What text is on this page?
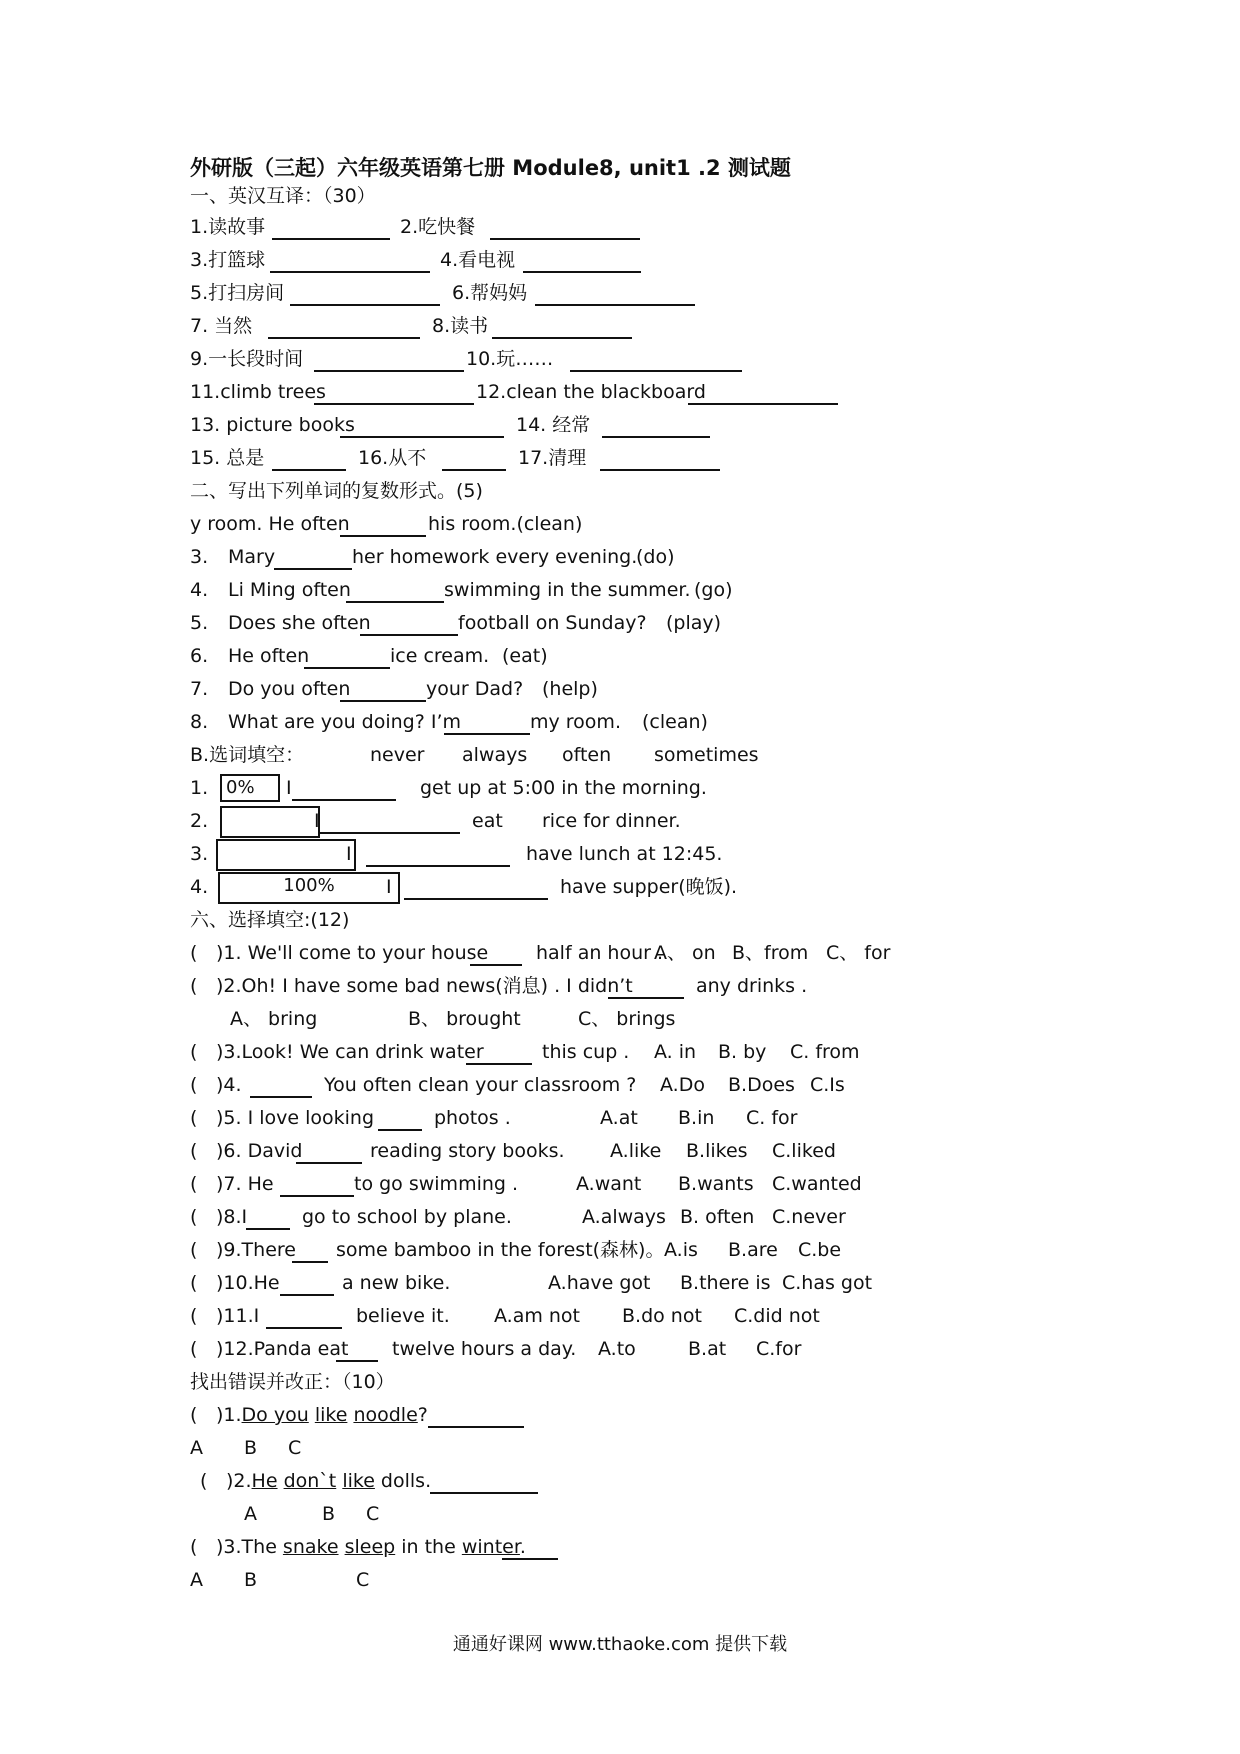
外研版（三起）六年级英语第七册 Module8, unit1 .2 测试题
一、英汉互译：（30）
1.读故事	2.吃快餐
3.打篮球	4.看电视
5.打扫房间	6.帮妈妈
7. 当然	8.读书
9.一长段时间	10.玩……
11.climb trees	12.clean the blackboard
13. picture books	14. 经常
15. 总是	16.从不	17.清理
二、写出下列单词的复数形式。(5)
y room. He often	his room.(clean)
3. Mary	her homework every evening.
(do)
4. Li Ming often	swimming in the summer. (go)
5. Does she often	football on Sunday? (play)
6. He often	ice cream. (eat)
7. Do you often	your Dad? (help)
8. What are you doing? I’m	my room. (clean)
B.选词填空：	never always often sometimes
1. 0%	I	get up at 5:00 in the morning.
2.	I	eat rice for dinner.
3.	I	have lunch at 12:45.
4.	100%	I	have supper(晚饭).
六、选择填空:(12)
( )1. We'll come to your house	half an hour .
A、 on B、from C、 for
( )2.Oh! I have some bad news(消息) . I didn’t	any drinks .
A、 bring	B、 brought	C、 brings
( )3.Look! We can drink water	this cup . A. in B. by C. from
( )4.	You often clean your classroom ? A.Do B.Does C.Is
( )5. I love looking	photos .	A.at B.in C. for
( )6. David	reading story books. A.like B.likes C.liked
( )7. He	to go swimming .	A.want B.wants C.wanted
( )8.I	go to school by plane.	A.always B. often C.never
( )9.There some bamboo in the forest(森林)。 A.is B.are C.be
( )10.He	a new bike.	A.have got B.there is C.has got
( )11.I	believe it. A.am not B.do not C.did not
( )12.Panda eat twelve hours a day. A.to	B.at C.for
找出错误并改正：（10）
( )1.Do you like noodle?
A B C
( )2.He don`t like dolls.
A	B C
( )3.The snake sleep in the winter.
A B	C
通通好课网 www.tthaoke.com 提供下载
